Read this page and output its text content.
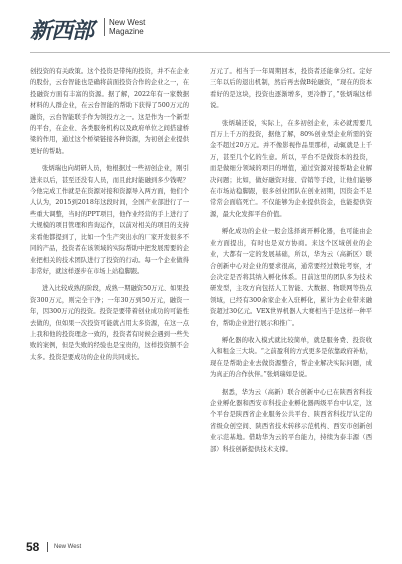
新西部 New West
Magazine

创投资的有关政策。这个投资是带纯的投资，并不在企业的股份，云台智能也是确将前面投资合作的企业之一，在投融资方面有丰富的资源。据了解，2022年有一家数据材料的人群企业，在云台智能的帮助下获得了500万元的融资，云台智能联手作为领投方之一。这是作为一个新型的平台，在企业、各类服务机构以及政府单位之间搭建桥梁的作用，通过这个桥梁链接各种资源，为初创企业提供更好的帮助。

张炳瑞也向胡研人员，他根据过一些初创企业，刚引进来以后，甚至还没有人员，而且此时能融到多少钱呢？今他完成工作就是在资源对接和资源导入两方面，他们个人认为，2015到2018年这段时间，全国产业部进行了一些重大调整，当时的PPT项目，他作业经营的手上进行了大规模的项目管理和咨询运作，以前对相关的项目的支持来看他都提到了，比如一个生产突出水的厂家开发很多不同的产品，投资者在该领域的实际帮助中把发展需要的企业把相关的技术团队进行了投资的行动。每一个企业做得非常好，就这样逐步在市场上站稳脚跟。

进入比较成熟的阶段，成熟一期融资50万元、如果投资300万元，则完全干净；一年30万到50万元，融资一年，因300万元的投资。投资是要带着创业成功的可能性去做的，但如果一次投资可能就占用太多资源，在这一点上我和他的投资理念一致的，投资者有时候会遇到一些失败的案例，但是失败的经验也是宝贵的，这样投资额不会太多。投资是要成功的企业的共同成长。

万元了。相当于一年周期回本，投资者还能拿分红。定好三年以后的退出机制，然后再去做B轮融资，“现在的资本看好的是这块，投资也逐渐增多，更冷静了，”张炳瑞这样说。

张炳瑞还说，实际上，在多初创企业，未必就需要几百万上千万的投资，据他了解，80%创业型企业所需的资金不超过20万元。并不像影视作品里那样，动辄就是上千万，甚至几个亿的生意。所以，平台不是做资本的投资，而是做细分领域的项目的增值，通过资源对接帮助企业解决问题；比如，做好融资对接、营销等手段，让他们能够在市场站稳脚跟，很多创业团队在创业初期，因资金不足常常会面临死亡。不仅能够为企业提供资金，也能提供资源，最大化发挥平台价值。

孵化成功的企业一般会选择离开孵化器，也可能由企业方面提出，有时也是双方协商。来这个区域创业的企业，大都有一定的发展基础，所以，华为云（高新区）联合创新中心对企业的要求很高，通常要经过数轮考察，才会决定是否将其纳入孵化体系。目前这里的团队多为技术研发型，主攻方向包括人工智能、大数据、物联网等热点领域，已经有300余家企业入驻孵化，累计为企业带来融资超过30亿元。VEX世界机器人大赛相当于是这样一种平台，帮助企业进行展示和推广。

孵化器的收入模式就比较简单，就是服务费、投资收入和租金三大块。“之前盈利的方式更多是依靠政府补贴，现在是帮助企业去做资源整合，帮企业解决实际问题，成为真正的合作伙伴。”张炳瑞如是说。

据悉，华为云（高新）联合创新中心已在陕西省科技企业孵化器和西安市科技企业孵化器两级平台中认定，这个平台是陕西省企业服务公共平台、陕西省科技厅认定的省级众创空间、陕西省技术转移示范机构、西安市创新创业示范基地。借助华为云的平台能力，持续为泰丰源（西部）科技创新提供技术支撑。

58 New West
